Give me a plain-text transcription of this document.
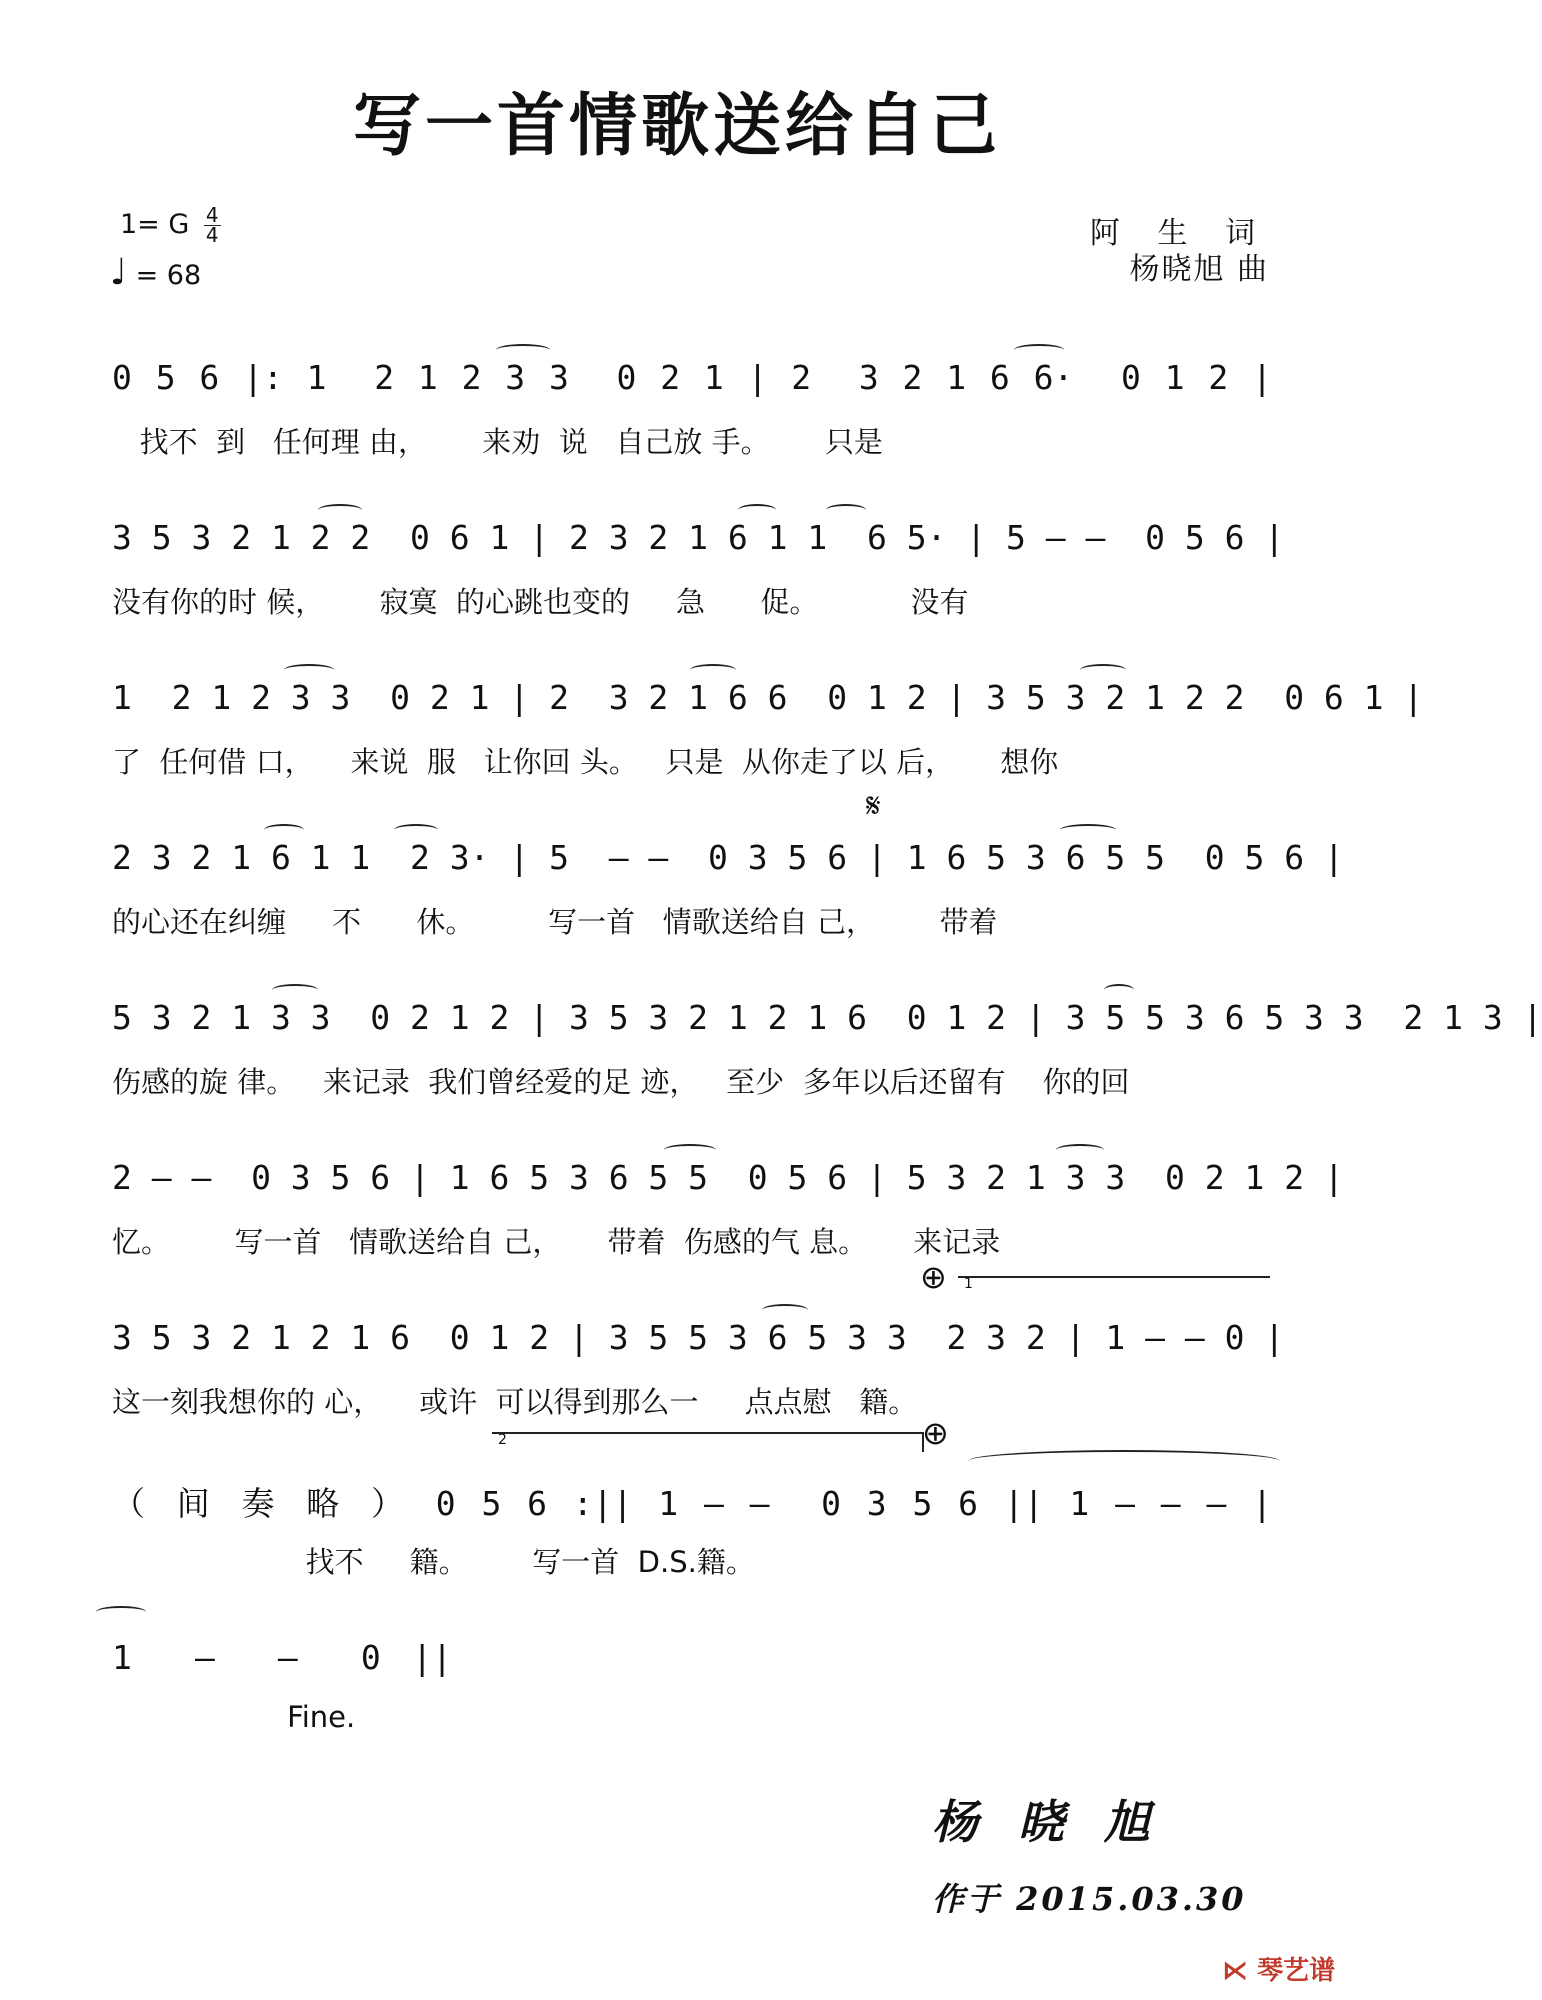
写一首情歌送给自己
1= G $\frac{4}{4}$
♩ = 68
阿 生 词
杨晓旭 曲
0 5 6 |: 1  2 1 2 3 3  0 2 1 | 2  3 2 1 6 6·  0 1 2 |
找不  到   任何理 由，      来劝  说   自己放 手。      只是
3 5 3 2 1 2 2  0 6 1 | 2 3 2 1 6 1 1  6 5· | 5 — —  0 5 6 |
没有你的时 候，      寂寞  的心跳也变的     急      促。          没有
1  2 1 2 3 3  0 2 1 | 2  3 2 1 6 6  0 1 2 | 3 5 3 2 1 2 2  0 6 1 |
了  任何借 口，    来说  服   让你回 头。   只是  从你走了以 后，     想你
𝄋
2 3 2 1 6 1 1  2 3· | 5  — —  0 3 5 6 | 1 6 5 3 6 5 5  0 5 6 |
的心还在纠缠     不      休。        写一首   情歌送给自 己，       带着
5 3 2 1 3 3  0 2 1 2 | 3 5 3 2 1 2 1 6  0 1 2 | 3 5 5 3 6 5 3 3  2 1 3 |
伤感的旋 律。   来记录  我们曾经爱的足 迹，   至少  多年以后还留有    你的回
2 — —  0 3 5 6 | 1 6 5 3 6 5 5  0 5 6 | 5 3 2 1 3 3  0 2 1 2 |
忆。       写一首   情歌送给自 己，     带着  伤感的气 息。     来记录
⊕ 1
3 5 3 2 1 2 1 6  0 1 2 | 3 5 5 3 6 5 3 3  2 3 2 | 1 — — 0 |
这一刻我想你的 心，    或许  可以得到那么一     点点慰   籍。
2	⊕
（ 间 奏 略 ） 0 5 6 :|| 1 — —  0 3 5 6 || 1 — — — |
找不     籍。       写一首  D.S.籍。
1  —  —  0 ||
Fine.
杨晓旭
作于 2015.03.30
⋉ 琴艺谱
